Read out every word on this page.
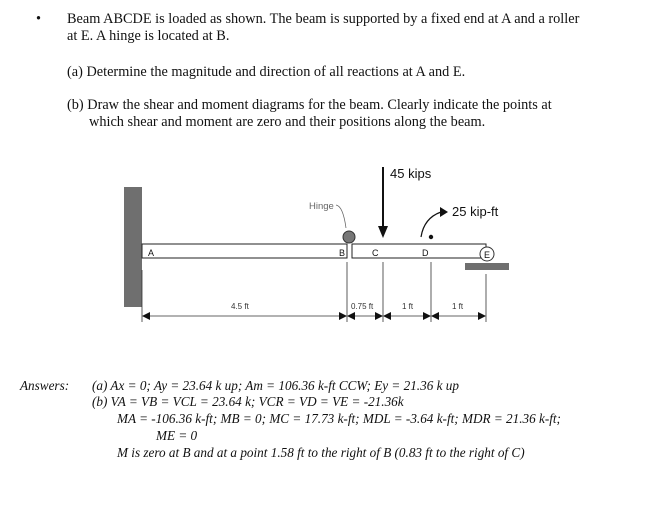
• Beam ABCDE is loaded as shown. The beam is supported by a fixed end at A and a roller
at E. A hinge is located at B.
(a) Determine the magnitude and direction of all reactions at A and E.
(b) Draw the shear and moment diagrams for the beam. Clearly indicate the points at
which shear and moment are zero and their positions along the beam.
45 kips
25 kip-ft
Hinge
A	B	C	D	E
4.5 ft	0.75 ft	1 ft	1 ft
Answers: (a) Ax = 0; Ay = 23.64 k up; Am = 106.36 k-ft CCW; Ey = 21.36 k up
(b) VA = VB = VCL = 23.64 k; VCR = VD = VE = -21.36k
MA = -106.36 k-ft; MB = 0; MC = 17.73 k-ft; MDL = -3.64 k-ft; MDR = 21.36 k-ft;
ME = 0
M is zero at B and at a point 1.58 ft to the right of B (0.83 ft to the right of C)
